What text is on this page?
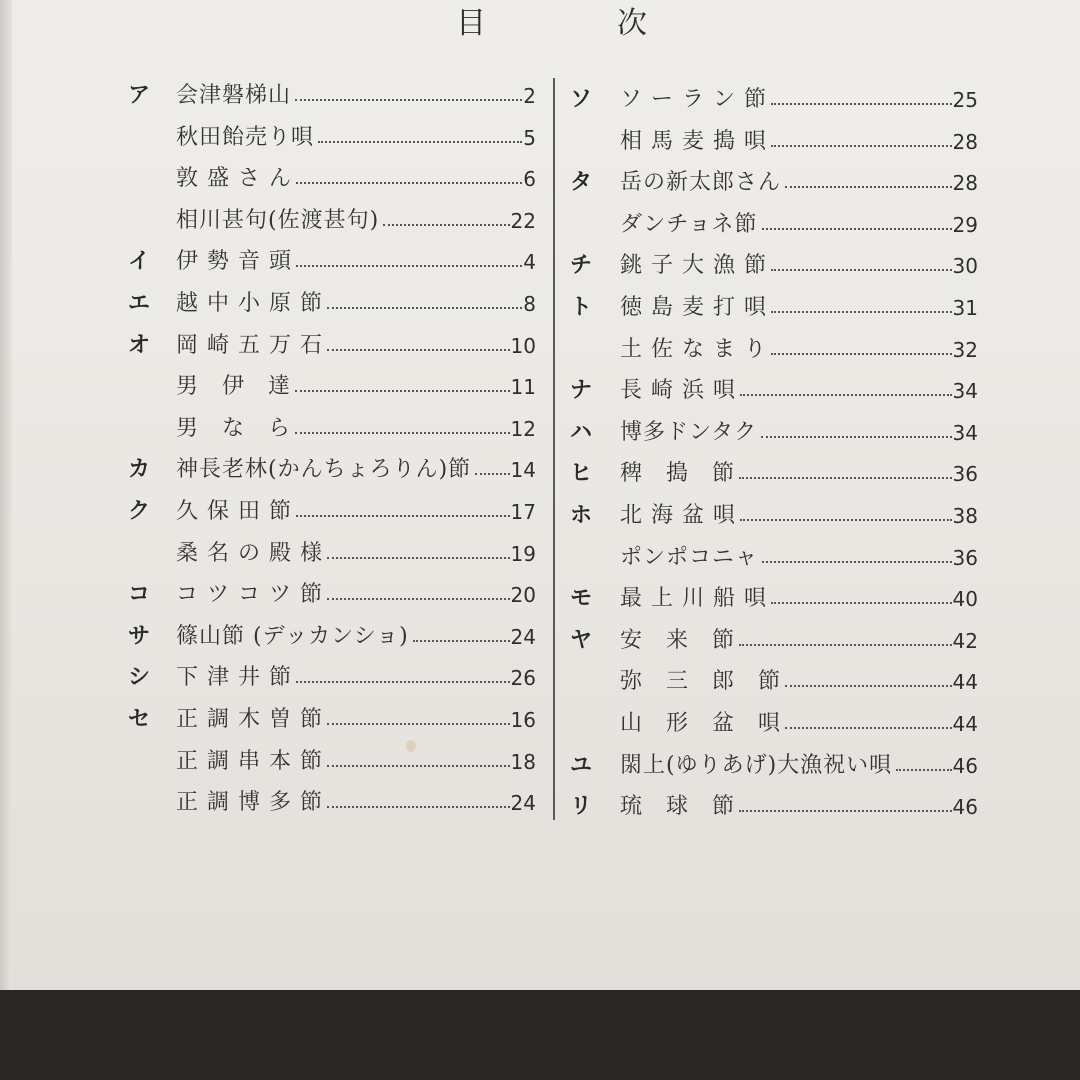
目	次
ア 会津磐梯山	2
秋田飴売り唄	5
敦 盛 さ ん	6
相川甚句(佐渡甚句)	22
イ 伊 勢 音 頭	4
エ 越 中 小 原 節	8
オ 岡 崎 五 万 石	10
男　伊　達	11
男　な　ら	12
カ 神長老林(かんちょろりん)節	14
ク 久 保 田 節	17
桑 名 の 殿 様	19
コ コ ツ コ ツ 節	20
サ 篠山節 (デッカンショ)	24
シ 下 津 井 節	26
セ 正 調 木 曽 節	16
正 調 串 本 節	18
正 調 博 多 節	24
ソ ソ ー ラ ン 節	25
相 馬 麦 搗 唄	28
タ 岳の新太郎さん	28
ダンチョネ節	29
チ 銚 子 大 漁 節	30
ト 徳 島 麦 打 唄	31
土 佐 な ま り	32
ナ 長 崎 浜 唄	34
ハ 博多ドンタク	34
ヒ 稗　搗　節	36
ホ 北 海 盆 唄	38
ポンポコニャ	36
モ 最 上 川 船 唄	40
ヤ 安　来　節	42
弥　三　郎　節	44
山　形　盆　唄	44
ユ 閖上(ゆりあげ)大漁祝い唄	46
リ 琉　球　節	46
